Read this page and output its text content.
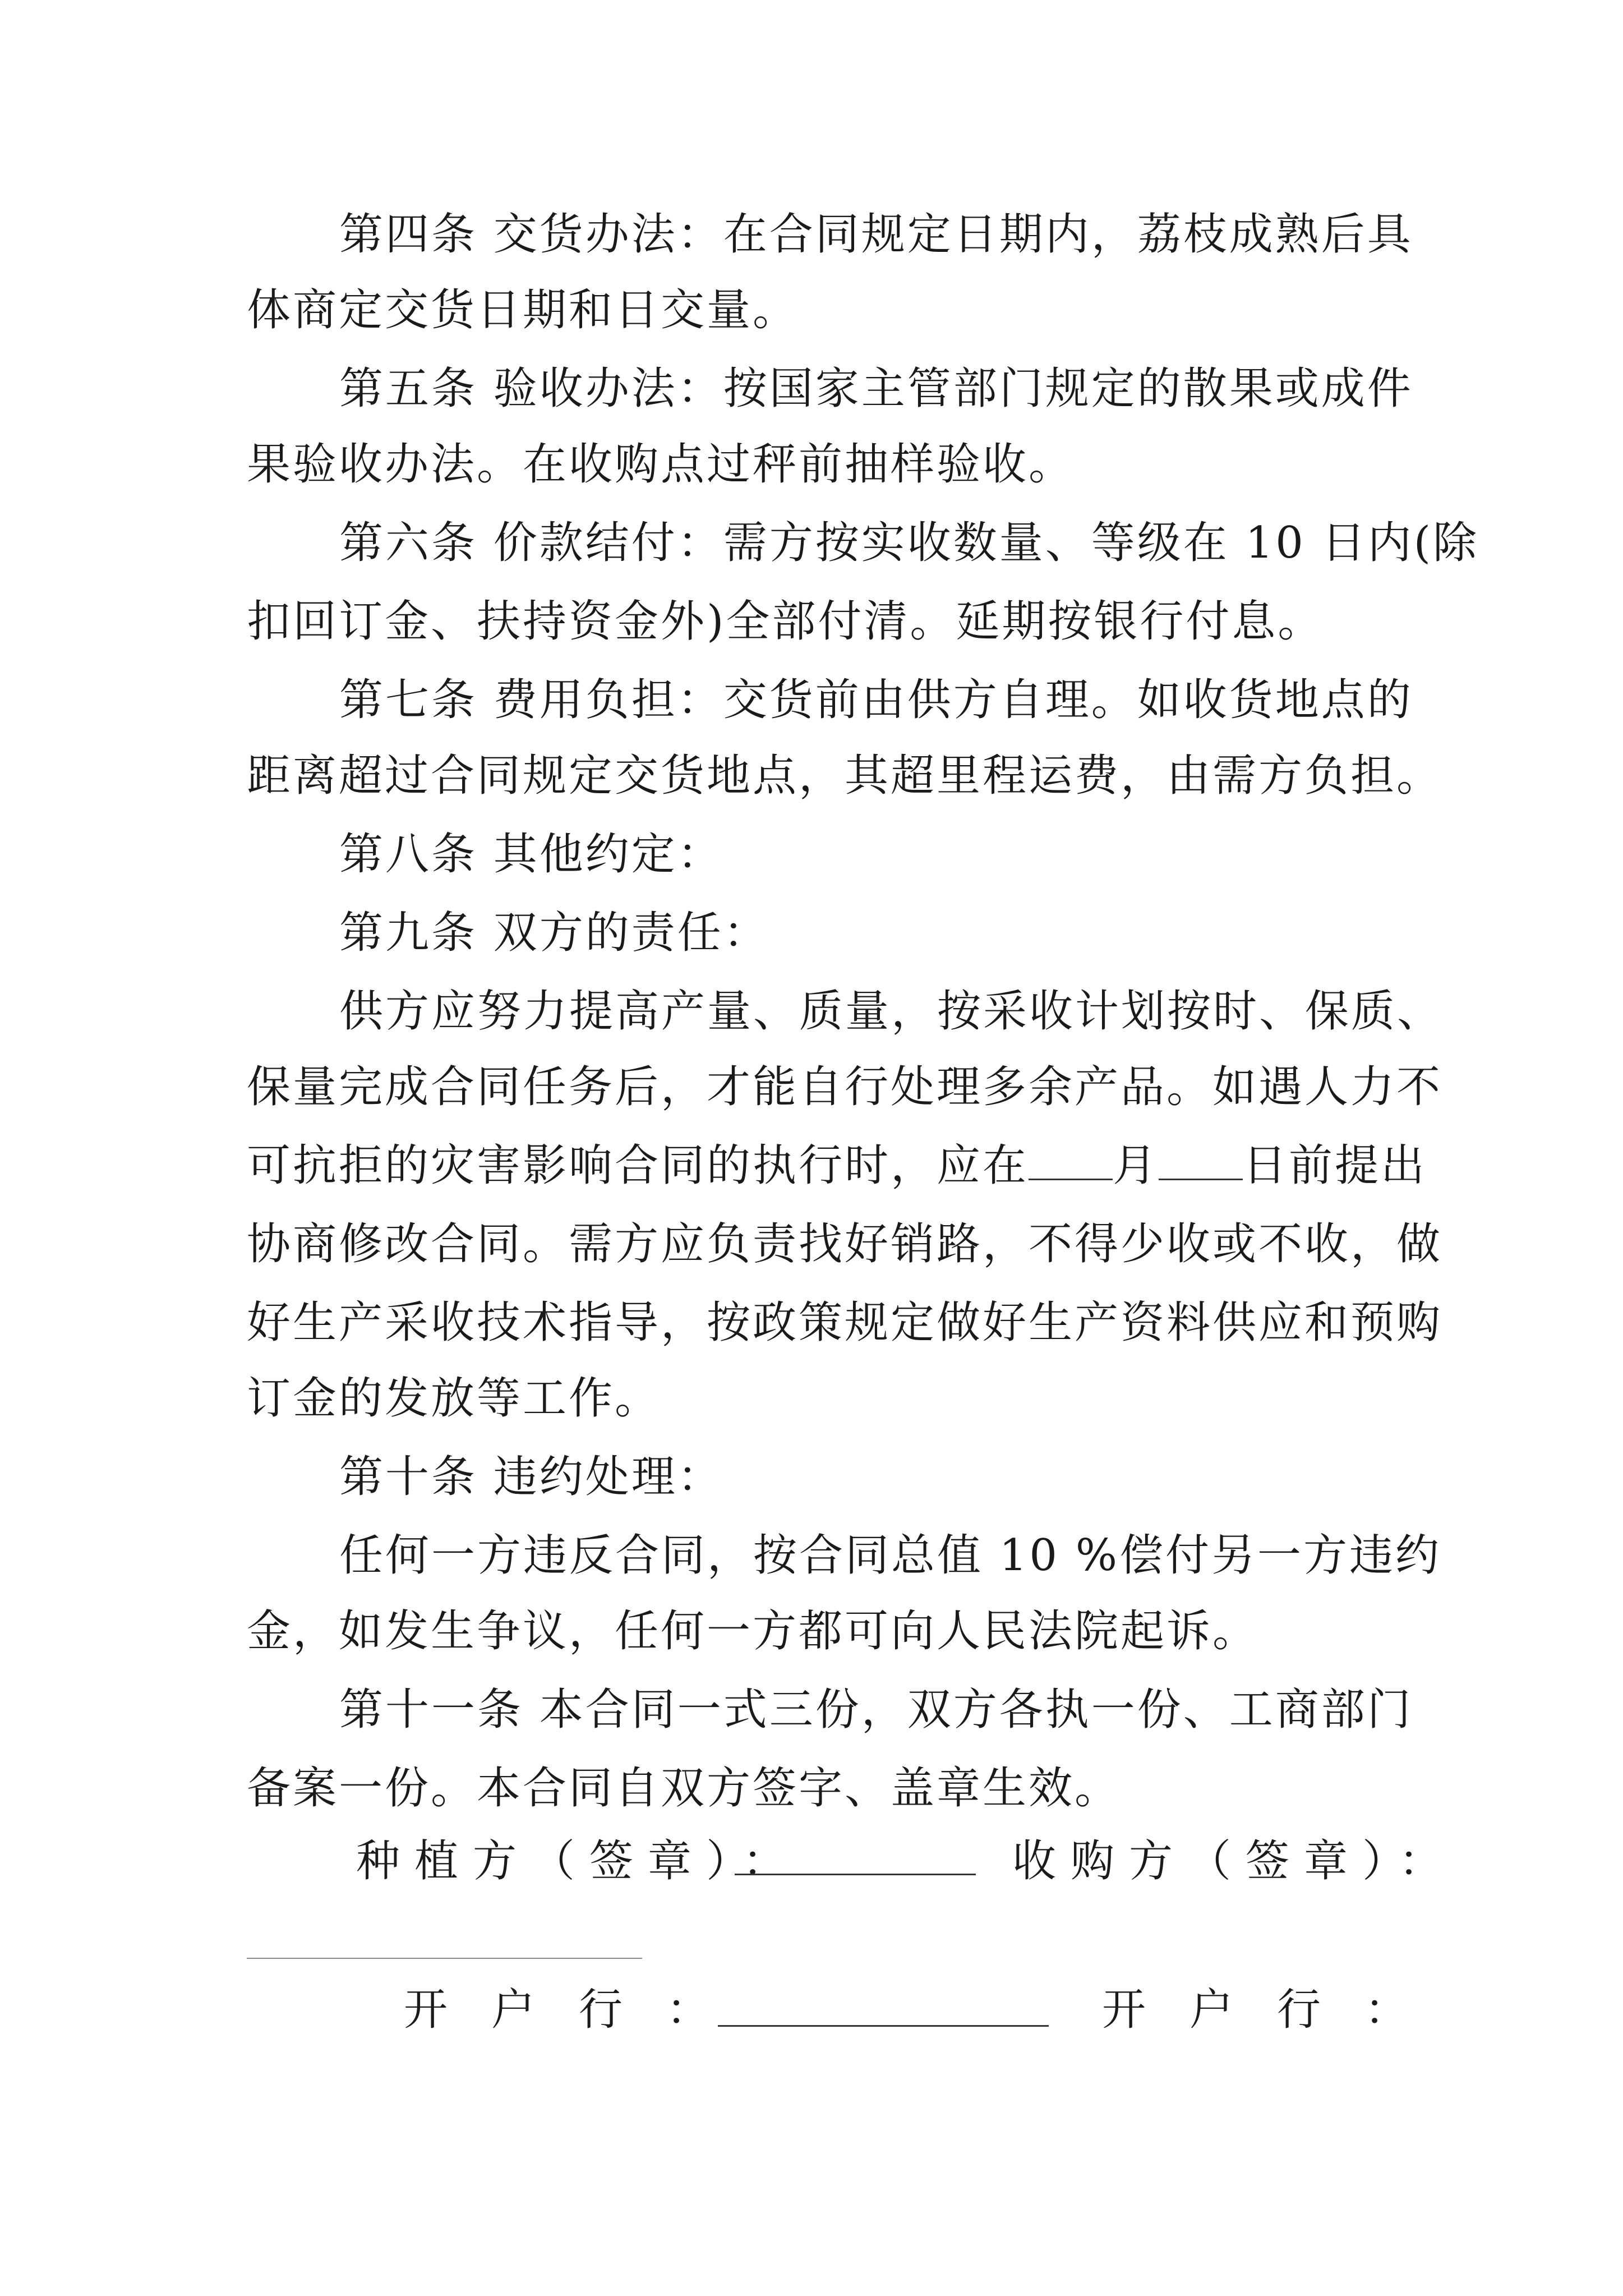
第四条 交货办法：在合同规定日期内，荔枝成熟后具
体商定交货日期和日交量。
第五条 验收办法：按国家主管部门规定的散果或成件
果验收办法。在收购点过秤前抽样验收。
第六条 价款结付：需方按实收数量、等级在 10 日内(除
扣回订金、扶持资金外)全部付清。延期按银行付息。
第七条 费用负担：交货前由供方自理。如收货地点的
距离超过合同规定交货地点，其超里程运费，由需方负担。
第八条 其他约定：
第九条 双方的责任：
供方应努力提高产量、质量，按采收计划按时、保质、
保量完成合同任务后，才能自行处理多余产品。如遇人力不
可抗拒的灾害影响合同的执行时，应在 月 日前提出
协商修改合同。需方应负责找好销路，不得少收或不收，做
好生产采收技术指导，按政策规定做好生产资料供应和预购
订金的发放等工作。
第十条 违约处理：
任何一方违反合同，按合同总值 10 %偿付另一方违约
金，如发生争议，任何一方都可向人民法院起诉。
第十一条 本合同一式三份，双方各执一份、工商部门
备案一份。本合同自双方签字、盖章生效。
种植方（签章）：	收购方（签章）：
开户行：	开户行：
